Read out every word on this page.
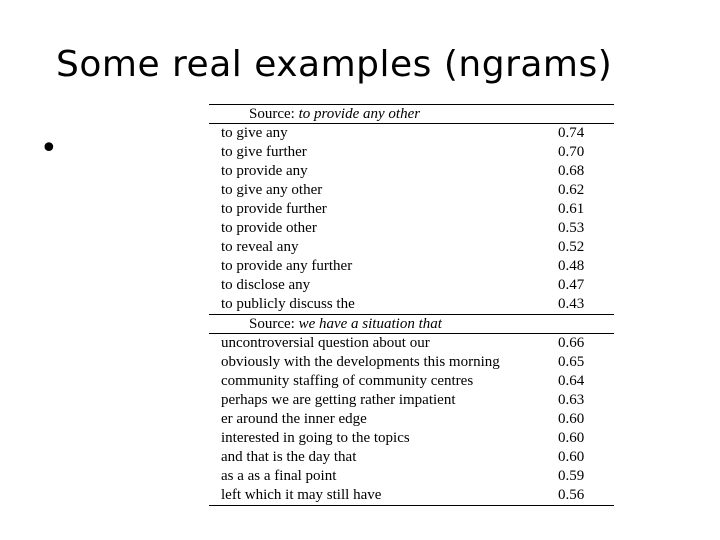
Some real examples (ngrams)
•
Source: to provide any other
to give any	0.74
to give further	0.70
to provide any	0.68
to give any other	0.62
to provide further	0.61
to provide other	0.53
to reveal any	0.52
to provide any further	0.48
to disclose any	0.47
to publicly discuss the	0.43
Source: we have a situation that
uncontroversial question about our	0.66
obviously with the developments this morning	0.65
community staffing of community centres	0.64
perhaps we are getting rather impatient	0.63
er around the inner edge	0.60
interested in going to the topics	0.60
and that is the day that	0.60
as a as a final point	0.59
left which it may still have	0.56
